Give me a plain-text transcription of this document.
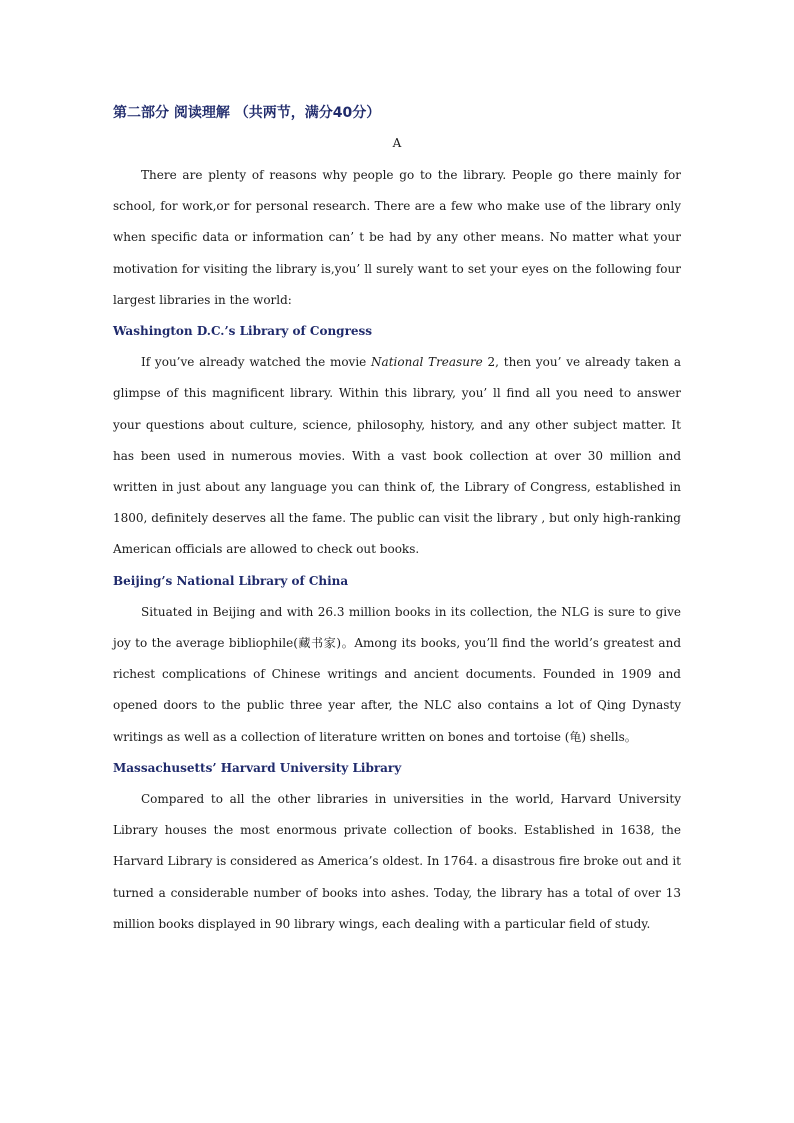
第二部分 阅读理解 （共两节，满分40分）

A

There are plenty of reasons why people go to the library. People go there mainly for school, for work,or for personal research. There are a few who make use of the library only when specific data or information can’ t be had by any other means. No matter what your motivation for visiting the library is,you’ ll surely want to set your eyes on the following four largest libraries in the world:

Washington D.C.’s Library of Congress

If you’ve already watched the movie National Treasure 2, then you’ ve already taken a glimpse of this magnificent library. Within this library, you’ ll find all you need to answer your questions about culture, science, philosophy, history, and any other subject matter. It has been used in numerous movies. With a vast book collection at over 30 million and written in just about any language you can think of, the Library of Congress, established in 1800, definitely deserves all the fame. The public can visit the library , but only high-ranking American officials are allowed to check out books.

Beijing’s National Library of China

Situated in Beijing and with 26.3 million books in its collection, the NLG is sure to give joy to the average bibliophile(藏书家)。Among its books, you’ll find the world’s greatest and richest complications of Chinese writings and ancient documents. Founded in 1909 and opened doors to the public three year after, the NLC also contains a lot of Qing Dynasty writings as well as a collection of literature written on bones and tortoise (龟) shells。

Massachusetts’ Harvard University Library

Compared to all the other libraries in universities in the world, Harvard University Library houses the most enormous private collection of books. Established in 1638, the Harvard Library is considered as America’s oldest. In 1764. a disastrous fire broke out and it turned a considerable number of books into ashes. Today, the library has a total of over 13 million books displayed in 90 library wings, each dealing with a particular field of study.
